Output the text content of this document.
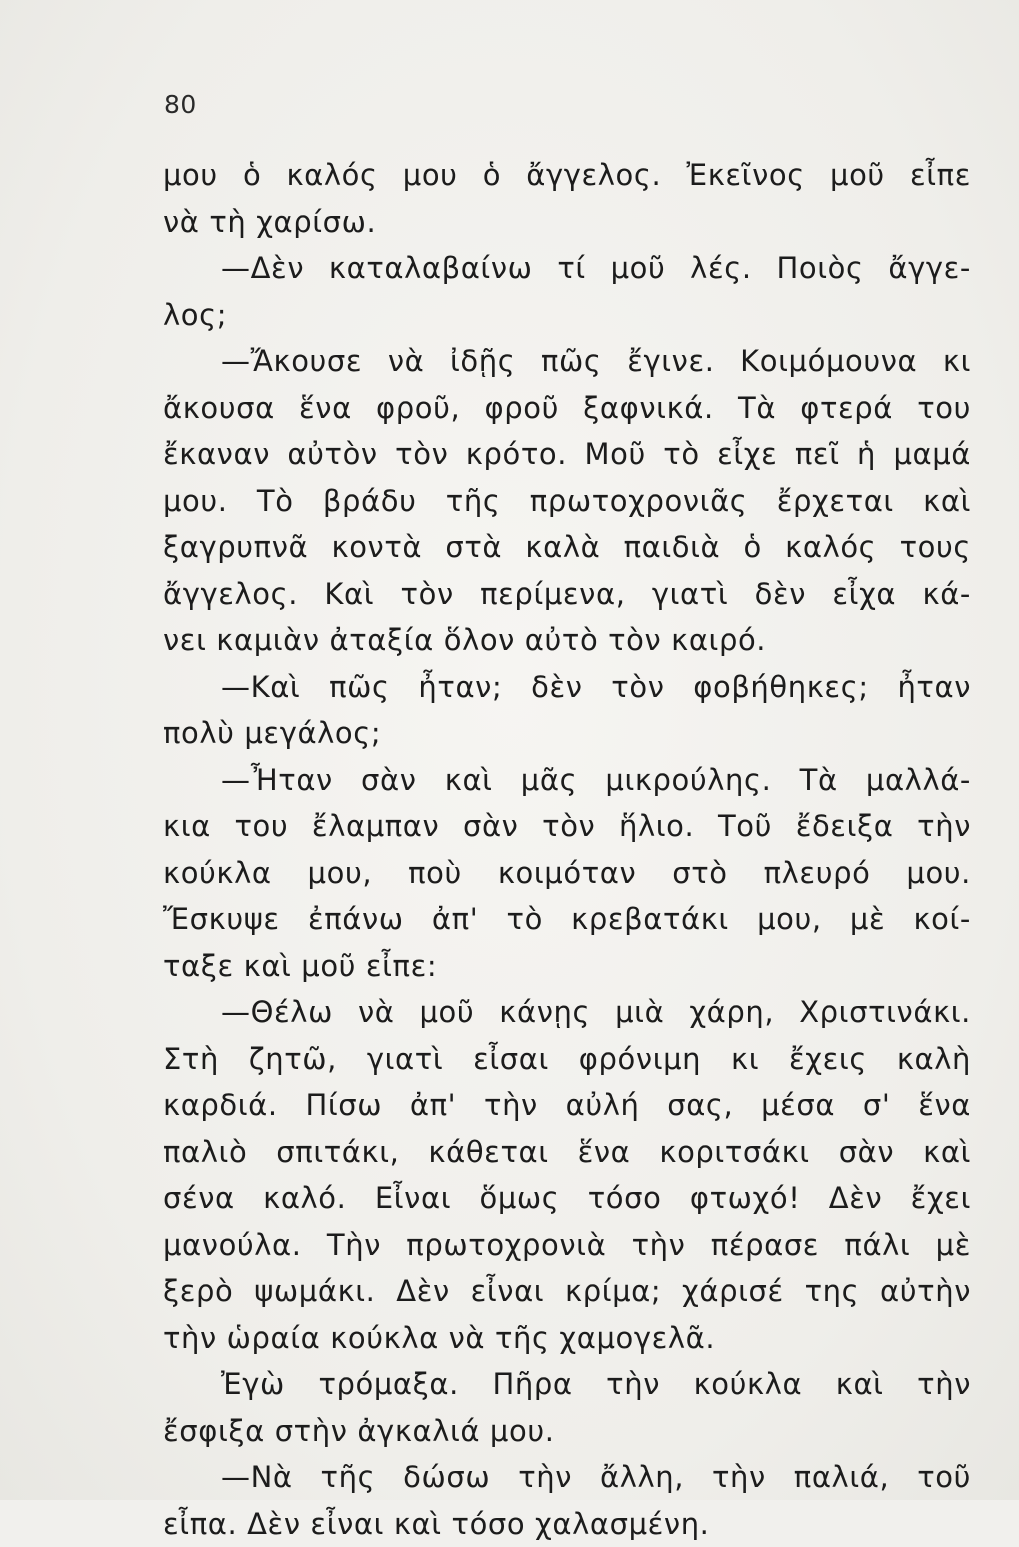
80
μου ὁ καλός μου ὁ ἄγγελος. Ἐκεῖνος μοῦ εἶπε
νὰ τὴ χαρίσω.
—Δὲν καταλαβαίνω τί μοῦ λές. Ποιὸς ἄγγε-
λος;
—Ἄκουσε νὰ ἰδῇς πῶς ἔγινε. Κοιμόμουνα κι
ἄκουσα ἕνα φροῦ, φροῦ ξαφνικά. Τὰ φτερά του
ἔκαναν αὐτὸν τὸν κρότο. Μοῦ τὸ εἶχε πεῖ ἡ μαμά
μου. Τὸ βράδυ τῆς πρωτοχρονιᾶς ἔρχεται καὶ
ξαγρυπνᾶ κοντὰ στὰ καλὰ παιδιὰ ὁ καλός τους
ἄγγελος. Καὶ τὸν περίμενα, γιατὶ δὲν εἶχα κά-
νει καμιὰν ἀταξία ὅλον αὐτὸ τὸν καιρό.
—Καὶ πῶς ἦταν; δὲν τὸν φοβήθηκες; ἦταν
πολὺ μεγάλος;
—Ἦταν σὰν καὶ μᾶς μικρούλης. Τὰ μαλλά-
κια του ἔλαμπαν σὰν τὸν ἥλιο. Τοῦ ἔδειξα τὴν
κούκλα μου, ποὺ κοιμόταν στὸ πλευρό μου.
Ἔσκυψε ἐπάνω ἀπ' τὸ κρεβατάκι μου, μὲ κοί-
ταξε καὶ μοῦ εἶπε:
—Θέλω νὰ μοῦ κάνῃς μιὰ χάρη, Χριστινάκι.
Στὴ ζητῶ, γιατὶ εἶσαι φρόνιμη κι ἔχεις καλὴ
καρδιά. Πίσω ἀπ' τὴν αὐλή σας, μέσα σ' ἕνα
παλιὸ σπιτάκι, κάθεται ἕνα κοριτσάκι σὰν καὶ
σένα καλό. Εἶναι ὅμως τόσο φτωχό! Δὲν ἔχει
μανούλα. Τὴν πρωτοχρονιὰ τὴν πέρασε πάλι μὲ
ξερὸ ψωμάκι. Δὲν εἶναι κρίμα; χάρισέ της αὐτὴν
τὴν ὡραία κούκλα νὰ τῆς χαμογελᾶ.
Ἐγὼ τρόμαξα. Πῆρα τὴν κούκλα καὶ τὴν
ἔσφιξα στὴν ἀγκαλιά μου.
—Νὰ τῆς δώσω τὴν ἄλλη, τὴν παλιά, τοῦ
εἶπα. Δὲν εἶναι καὶ τόσο χαλασμένη.
